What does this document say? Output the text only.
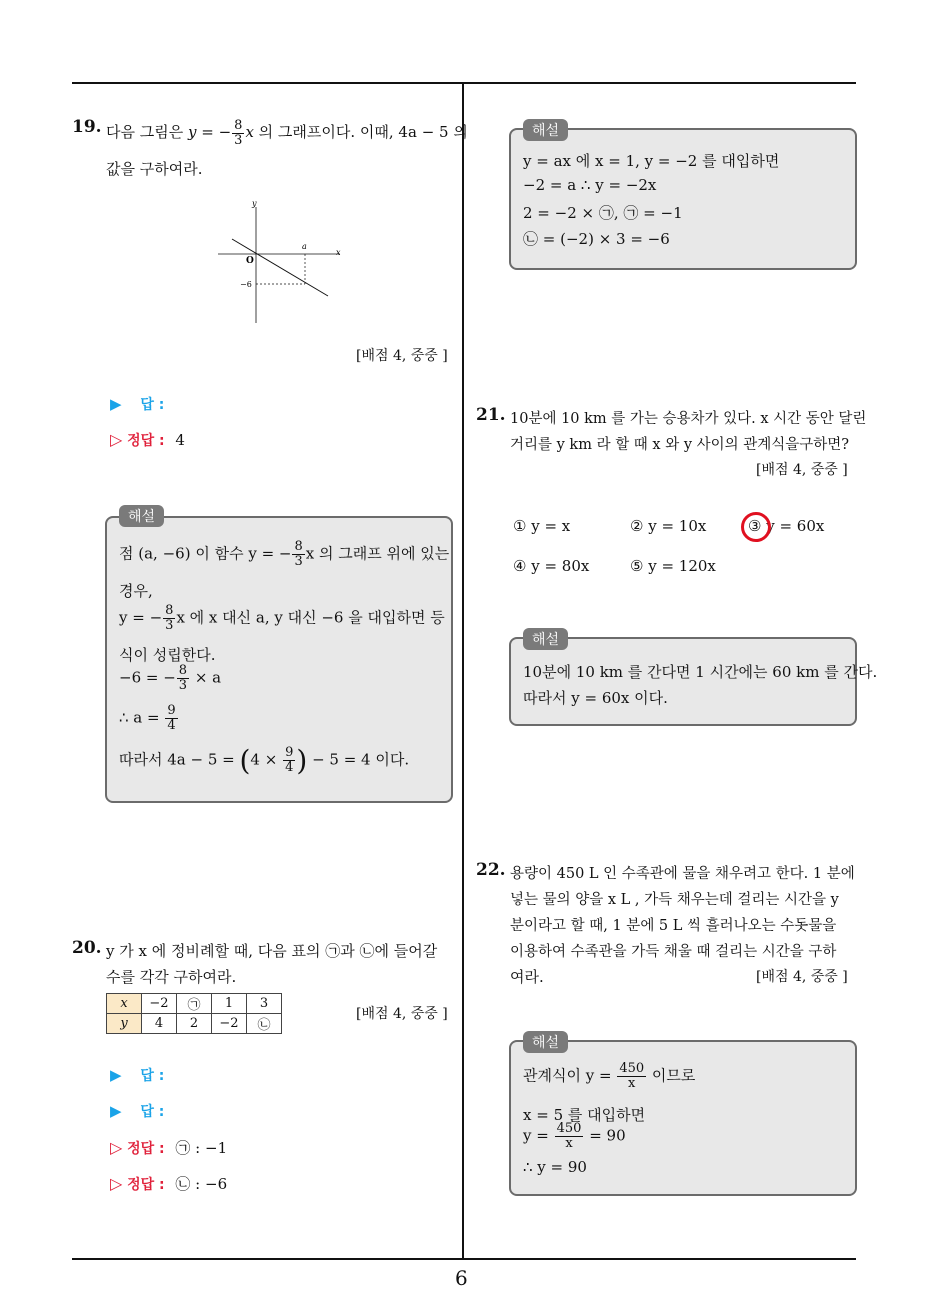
6
19. 다음 그림은 y = − $\frac{8}{3}$ x 의 그래프이다. 이때, 4a − 5 의
값을 구하여라.
y
x
O
a
−6
[배점 4, 중중 ]
▶ 답 :
▷ 정답 : 4
해설
점 (a, −6) 이 함수 y = − $\frac{8}{3}$ x 의 그래프 위에 있는
경우,
y = − $\frac{8}{3}$ x 에 x 대신 a, y 대신 −6 을 대입하면 등
식이 성립한다.
−6 = − $\frac{8}{3} \times a$
∴ $a = \frac{9}{4}$
따라서 $4a - 5 = (4 \times \frac{9}{4}$ ) − 5 = 4 이다.
20. y 가 x 에 정비례할 때, 다음 표의 ㉠과 ㉡에 들어갈
수를 각각 구하여라.
x	−2	㉠	1	3
y	4	2	−2	㉡
[배점 4, 중중 ]
▶ 답 :
▶ 답 :
▷ 정답 : ㉠ : −1
▷ 정답 : ㉡ : −6
해설
y = ax 에 x = 1, y = −2 를 대입하면
−2 = a ∴ y = −2x
2 = −2 × ㉠, ㉠ = −1
㉡ = (−2) × 3 = −6
21. 10분에 10 km 를 가는 승용차가 있다. x 시간 동안 달린
거리를 y km 라 할 때 x 와 y 사이의 관계식을구하면?
[배점 4, 중중 ]
① y = x	② y = 10x	③ y = 60x
④ y = 80x	⑤ y = 120x
해설
10분에 10 km 를 간다면 1 시간에는 60 km 를 간다.
따라서 y = 60x 이다.
22. 용량이 450 L 인 수족관에 물을 채우려고 한다. 1 분에
넣는 물의 양을 x L , 가득 채우는데 걸리는 시간을 y
분이라고 할 때, 1 분에 5 L 씩 흘러나오는 수돗물을
이용하여 수족관을 가득 채울 때 걸리는 시간을 구하
여라.	[배점 4, 중중 ]
해설
관계식이 $y = \frac{450}{x}$ 이므로
x = 5 를 대입하면
$y = \frac{450}{x} = 90$
∴ y = 90
